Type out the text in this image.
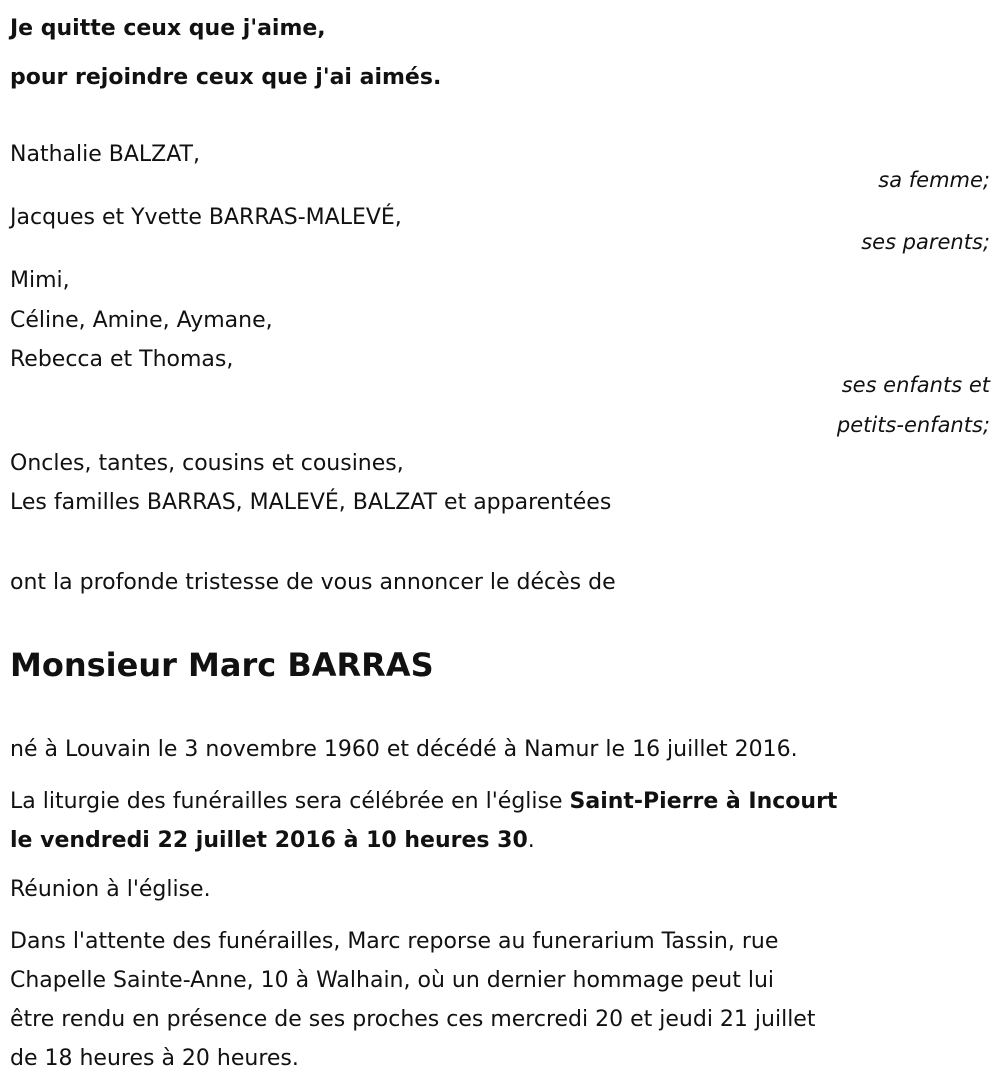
Je quitte ceux que j'aime,
pour rejoindre ceux que j'ai aimés.
Nathalie BALZAT,
sa femme;
Jacques et Yvette BARRAS-MALEVÉ,
ses parents;
Mimi,
Céline, Amine, Aymane,
Rebecca et Thomas,
ses enfants et
petits-enfants;
Oncles, tantes, cousins et cousines,
Les familles BARRAS, MALEVÉ, BALZAT et apparentées
ont la profonde tristesse de vous annoncer le décès de
Monsieur Marc BARRAS
né à Louvain le 3 novembre 1960 et décédé à Namur le 16 juillet 2016.
La liturgie des funérailles sera célébrée en l'église Saint-Pierre à Incourt
le vendredi 22 juillet 2016 à 10 heures 30.
Réunion à l'église.
Dans l'attente des funérailles, Marc reporse au funerarium Tassin, rue
Chapelle Sainte-Anne, 10 à Walhain, où un dernier hommage peut lui
être rendu en présence de ses proches ces mercredi 20 et jeudi 21 juillet
de 18 heures à 20 heures.
